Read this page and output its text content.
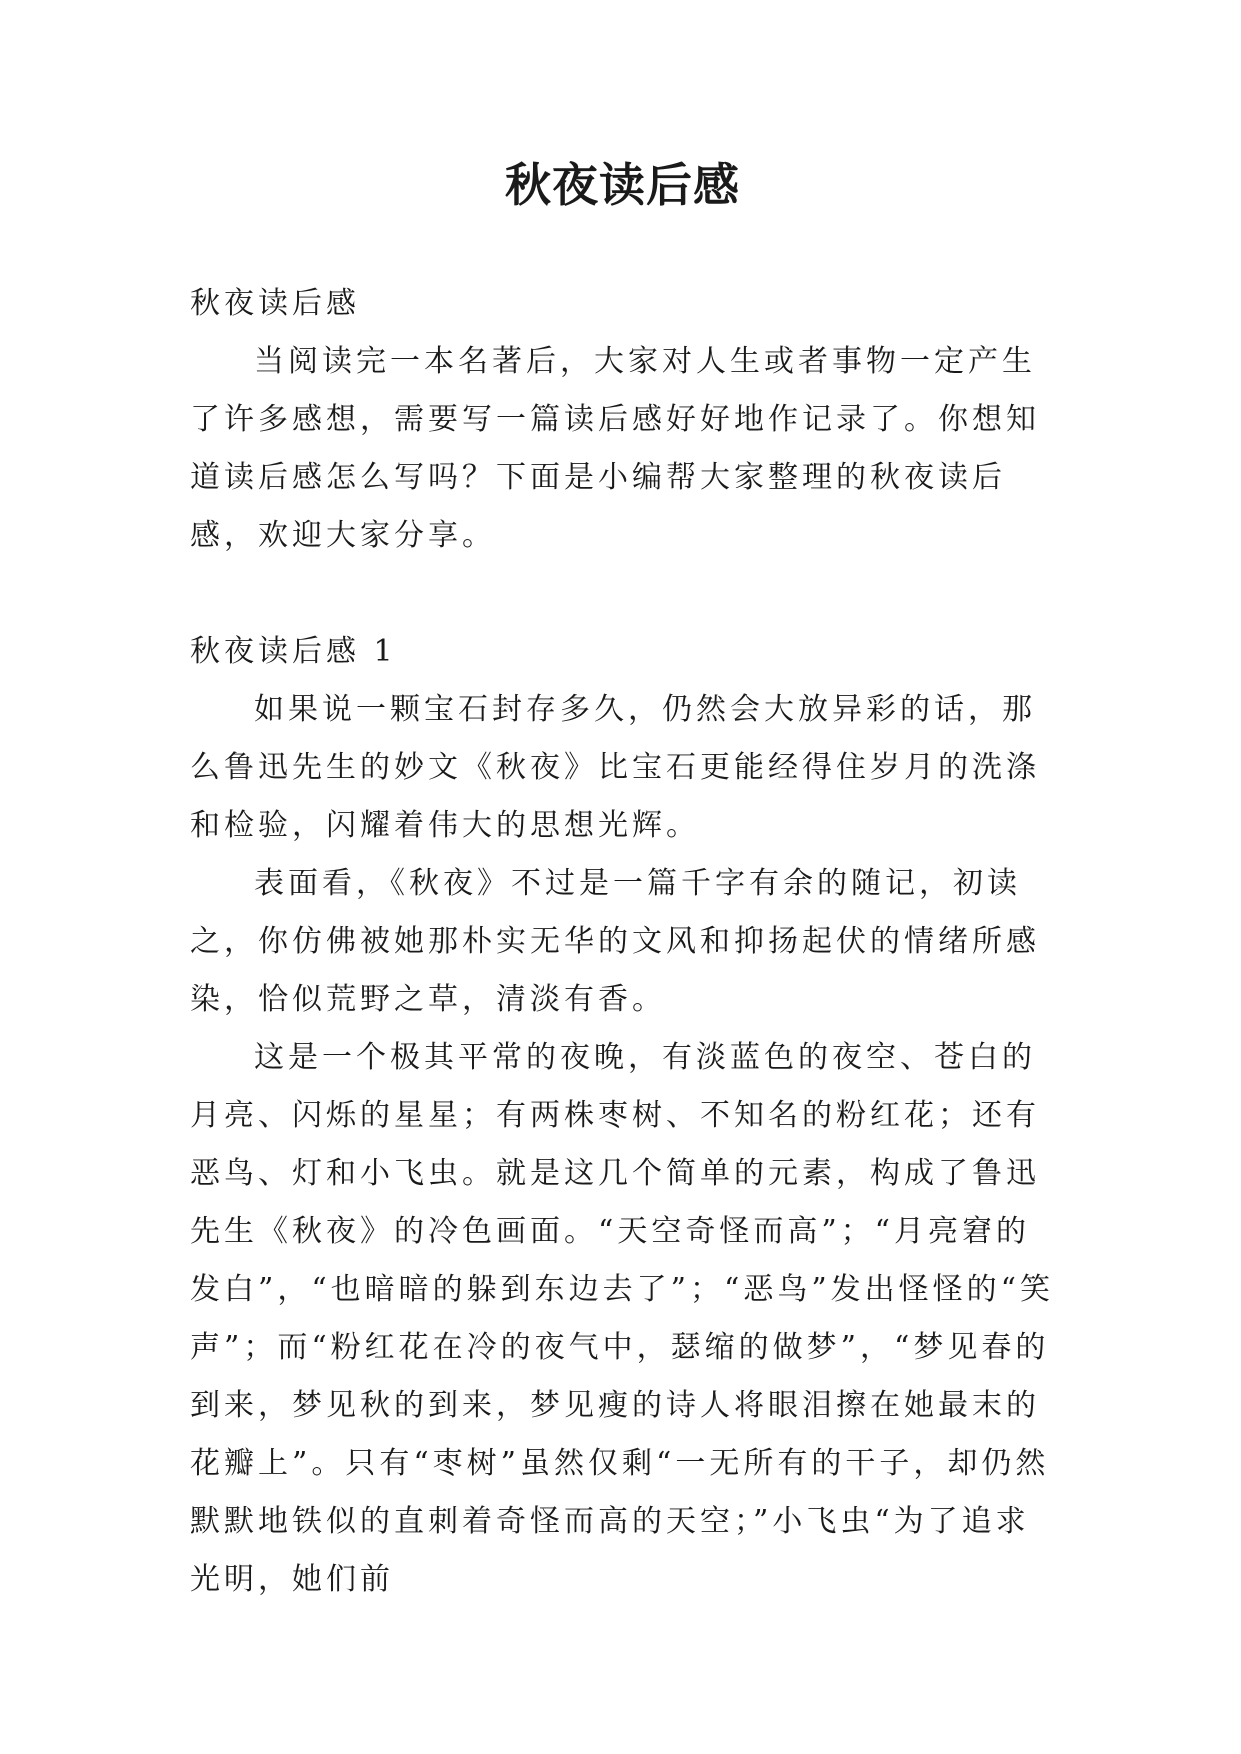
秋夜读后感
秋夜读后感

当阅读完一本名著后，大家对人生或者事物一定产生了许多感想，需要写一篇读后感好好地作记录了。你想知道读后感怎么写吗？下面是小编帮大家整理的秋夜读后感，欢迎大家分享。

秋夜读后感 1

如果说一颗宝石封存多久，仍然会大放异彩的话，那么鲁迅先生的妙文《秋夜》比宝石更能经得住岁月的洗涤和检验，闪耀着伟大的思想光辉。

表面看，《秋夜》不过是一篇千字有余的随记，初读之，你仿佛被她那朴实无华的文风和抑扬起伏的情绪所感染，恰似荒野之草，清淡有香。

这是一个极其平常的夜晚，有淡蓝色的夜空、苍白的月亮、闪烁的星星；有两株枣树、不知名的粉红花；还有恶鸟、灯和小飞虫。就是这几个简单的元素，构成了鲁迅先生《秋夜》的冷色画面。“天空奇怪而高”；“月亮窘的发白”，“也暗暗的躲到东边去了”；“恶鸟”发出怪怪的“笑声”；而“粉红花在冷的夜气中，瑟缩的做梦”，“梦见春的到来，梦见秋的到来，梦见瘦的诗人将眼泪擦在她最末的花瓣上”。只有“枣树”虽然仅剩“一无所有的干子，却仍然默默地铁似的直刺着奇怪而高的天空；”小飞虫“为了追求光明，她们前
